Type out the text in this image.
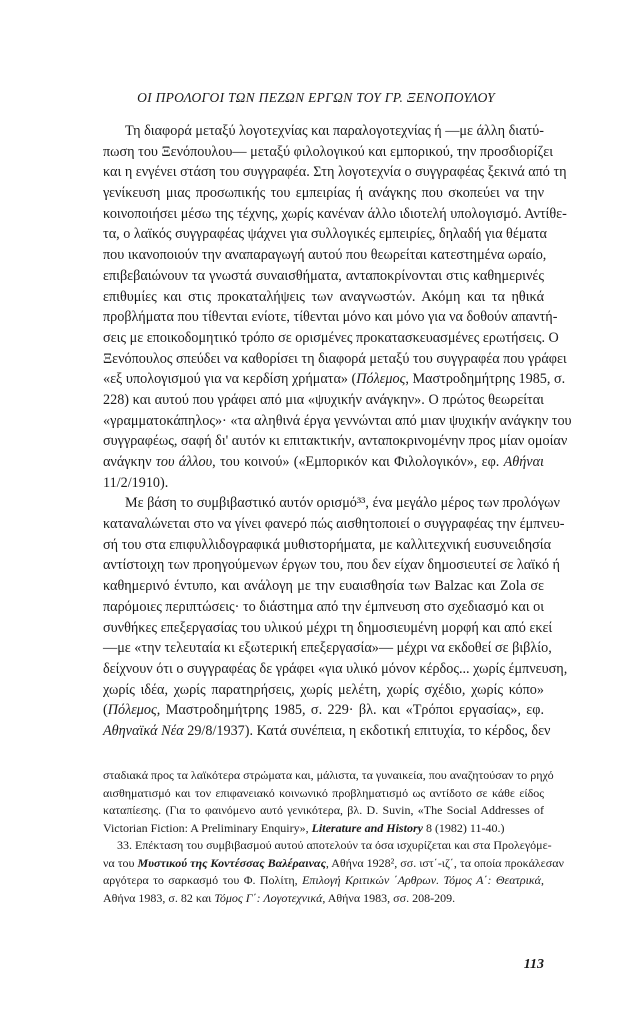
ΟΙ ΠΡΟΛΟΓΟΙ ΤΩΝ ΠΕΖΩΝ ΕΡΓΩΝ ΤΟΥ ΓΡ. ΞΕΝΟΠΟΥΛΟΥ
Τη διαφορά μεταξύ λογοτεχνίας και παραλογοτεχνίας ή —με άλλη διατύ-
πωση του Ξενόπουλου— μεταξύ φιλολογικού και εμπορικού, την προσδιορίζει
και η ενγένει στάση του συγγραφέα. Στη λογοτεχνία ο συγγραφέας ξεκινά από τη
γενίκευση μιας προσωπικής του εμπειρίας ή ανάγκης που σκοπεύει να την
κοινοποιήσει μέσω της τέχνης, χωρίς κανέναν άλλο ιδιοτελή υπολογισμό. Αντίθε-
τα, ο λαϊκός συγγραφέας ψάχνει για συλλογικές εμπειρίες, δηλαδή για θέματα
που ικανοποιούν την αναπαραγωγή αυτού που θεωρείται κατεστημένα ωραίο,
επιβεβαιώνουν τα γνωστά συναισθήματα, ανταποκρίνονται στις καθημερινές
επιθυμίες και στις προκαταλήψεις των αναγνωστών. Ακόμη και τα ηθικά
προβλήματα που τίθενται ενίοτε, τίθενται μόνο και μόνο για να δοθούν απαντή-
σεις με εποικοδομητικό τρόπο σε ορισμένες προκατασκευασμένες ερωτήσεις. Ο
Ξενόπουλος σπεύδει να καθορίσει τη διαφορά μεταξύ του συγγραφέα που γράφει
«εξ υπολογισμού για να κερδίση χρήματα» (Πόλεμος, Μαστροδημήτρης 1985, σ.
228) και αυτού που γράφει από μια «ψυχικήν ανάγκην». Ο πρώτος θεωρείται
«γραμματοκάπηλος»· «τα αληθινά έργα γεννώνται από μιαν ψυχικήν ανάγκην του
συγγραφέως, σαφή δι' αυτόν κι επιτακτικήν, ανταποκρινομένην προς μίαν ομοίαν
ανάγκην του άλλου, του κοινού» («Εμπορικόν και Φιλολογικόν», εφ. Αθήναι
11/2/1910).
Με βάση το συμβιβαστικό αυτόν ορισμό³³, ένα μεγάλο μέρος των προλόγων
καταναλώνεται στο να γίνει φανερό πώς αισθητοποιεί ο συγγραφέας την έμπνευ-
σή του στα επιφυλλιδογραφικά μυθιστορήματα, με καλλιτεχνική ευσυνειδησία
αντίστοιχη των προηγούμενων έργων του, που δεν είχαν δημοσιευτεί σε λαϊκό ή
καθημερινό έντυπο, και ανάλογη με την ευαισθησία των Balzac και Zola σε
παρόμοιες περιπτώσεις· το διάστημα από την έμπνευση στο σχεδιασμό και οι
συνθήκες επεξεργασίας του υλικού μέχρι τη δημοσιευμένη μορφή και από εκεί
—με «την τελευταία κι εξωτερική επεξεργασία»— μέχρι να εκδοθεί σε βιβλίο,
δείχνουν ότι ο συγγραφέας δε γράφει «για υλικό μόνον κέρδος... χωρίς έμπνευση,
χωρίς ιδέα, χωρίς παρατηρήσεις, χωρίς μελέτη, χωρίς σχέδιο, χωρίς κόπο»
(Πόλεμος, Μαστροδημήτρης 1985, σ. 229· βλ. και «Τρόποι εργασίας», εφ.
Αθηναϊκά Νέα 29/8/1937). Κατά συνέπεια, η εκδοτική επιτυχία, το κέρδος, δεν
σταδιακά προς τα λαϊκότερα στρώματα και, μάλιστα, τα γυναικεία, που αναζητούσαν το ρηχό
αισθηματισμό και τον επιφανειακό κοινωνικό προβληματισμό ως αντίδοτο σε κάθε είδος
καταπίεσης. (Για το φαινόμενο αυτό γενικότερα, βλ. D. Suvin, «The Social Addresses of
Victorian Fiction: A Preliminary Enquiry», Literature and History 8 (1982) 11-40.)
33. Επέκταση του συμβιβασμού αυτού αποτελούν τα όσα ισχυρίζεται και στα Προλεγόμε-
να του Μυστικού της Κοντέσσας Βαλέραινας, Αθήνα 1928², σσ. ιστ΄-ιζ΄, τα οποία προκάλεσαν
αργότερα το σαρκασμό του Φ. Πολίτη, Επιλογή Κριτικών ΄Αρθρων. Τόμος Α΄: Θεατρικά,
Αθήνα 1983, σ. 82 και Τόμος Γ΄: Λογοτεχνικά, Αθήνα 1983, σσ. 208-209.
113
